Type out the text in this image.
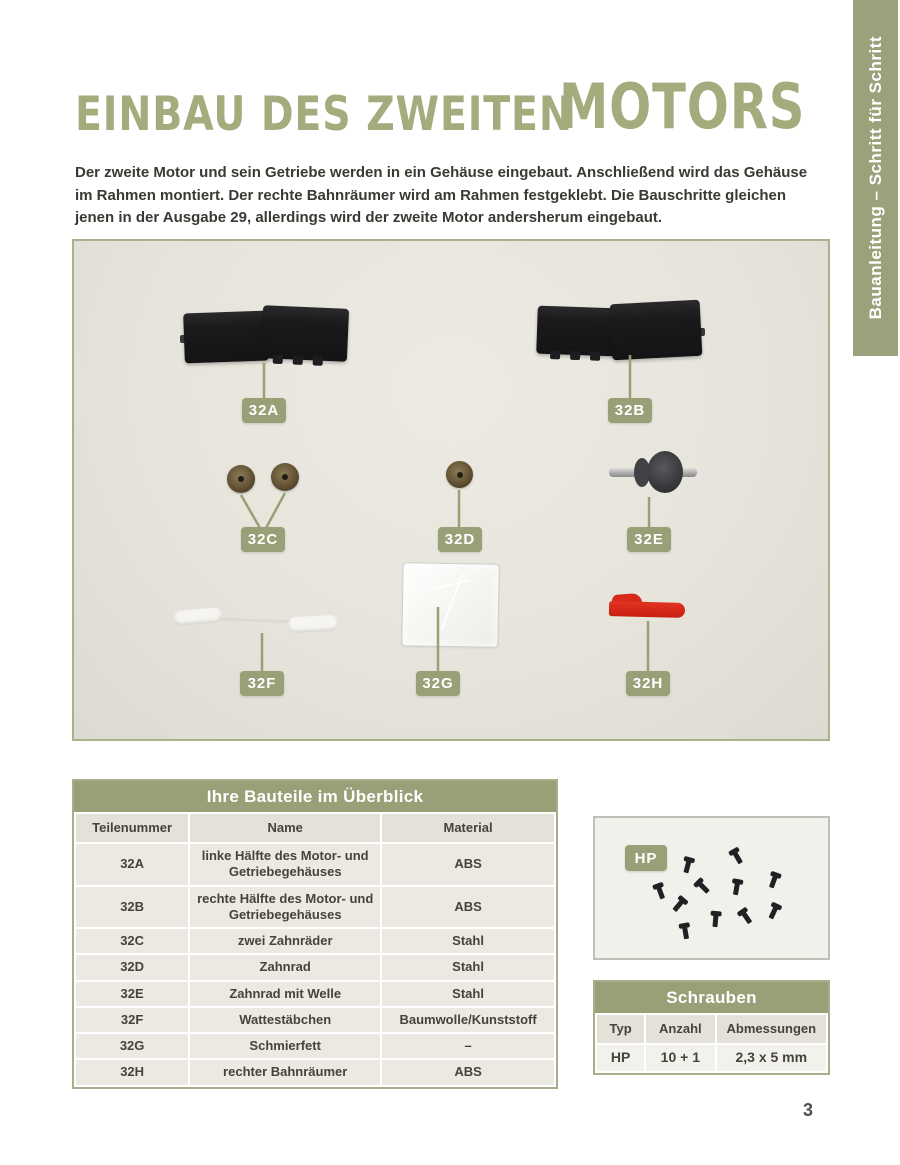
Bauanleitung – Schritt für Schritt
EINBAU DES ZWEITEN
MOTORS

Der zweite Motor und sein Getriebe werden in ein Gehäuse eingebaut. Anschließend wird das Gehäuse im Rahmen montiert. Der rechte Bahnräumer wird am Rahmen festgeklebt. Die Bauschritte gleichen jenen in der Ausgabe 29, allerdings wird der zweite Motor andersherum eingebaut.

32A	32B
32C	32D	32E
32F	32G	32H
Ihre Bauteile im Überblick
Teilenummer	Name	Material
32A	linke Hälfte des Motor- und Getriebegehäuses	ABS
32B	rechte Hälfte des Motor- und Getriebegehäuses	ABS
32C	zwei Zahnräder	Stahl
32D	Zahnrad	Stahl
32E	Zahnrad mit Welle	Stahl
32F	Wattestäbchen	Baumwolle/Kunststoff
32G	Schmierfett	–
32H	rechter Bahnräumer	ABS
HP
Schrauben
Typ	Anzahl	Abmessungen
HP	10 + 1	2,3 x 5 mm
3
